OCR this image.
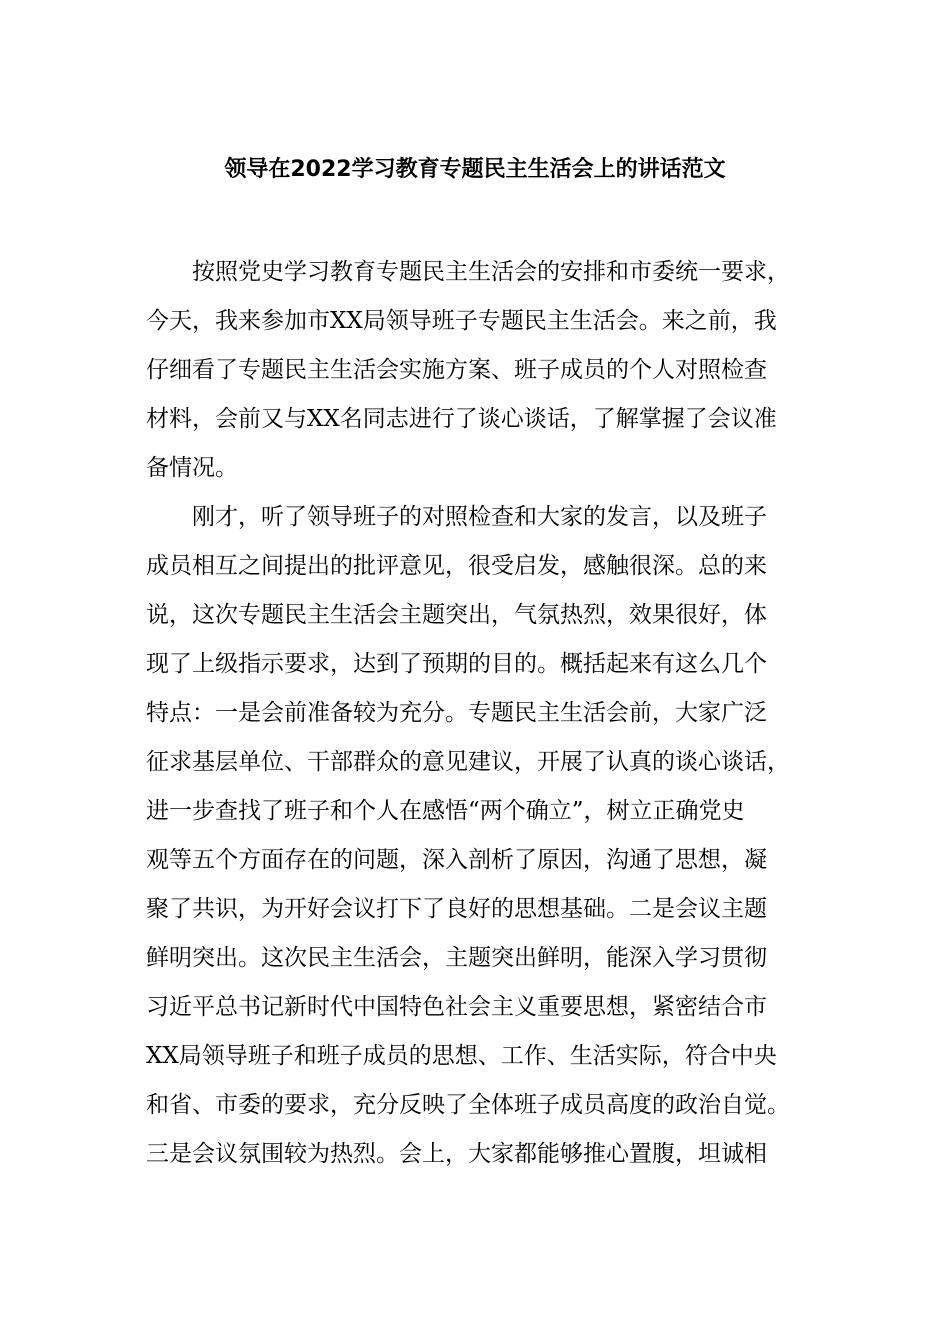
领导在2022学习教育专题民主生活会上的讲话范文
　　按照党史学习教育专题民主生活会的安排和市委统一要求，
今天，我来参加市XX局领导班子专题民主生活会。来之前，我
仔细看了专题民主生活会实施方案、班子成员的个人对照检查
材料，会前又与XX名同志进行了谈心谈话，了解掌握了会议准
备情况。
　　刚才，听了领导班子的对照检查和大家的发言，以及班子
成员相互之间提出的批评意见，很受启发，感触很深。总的来
说，这次专题民主生活会主题突出，气氛热烈，效果很好，体
现了上级指示要求，达到了预期的目的。概括起来有这么几个
特点：一是会前准备较为充分。专题民主生活会前，大家广泛
征求基层单位、干部群众的意见建议，开展了认真的谈心谈话，
进一步查找了班子和个人在感悟“两个确立”，树立正确党史
观等五个方面存在的问题，深入剖析了原因，沟通了思想，凝
聚了共识，为开好会议打下了良好的思想基础。二是会议主题
鲜明突出。这次民主生活会，主题突出鲜明，能深入学习贯彻
习近平总书记新时代中国特色社会主义重要思想，紧密结合市
XX局领导班子和班子成员的思想、工作、生活实际，符合中央
和省、市委的要求，充分反映了全体班子成员高度的政治自觉。
三是会议氛围较为热烈。会上，大家都能够推心置腹，坦诚相
